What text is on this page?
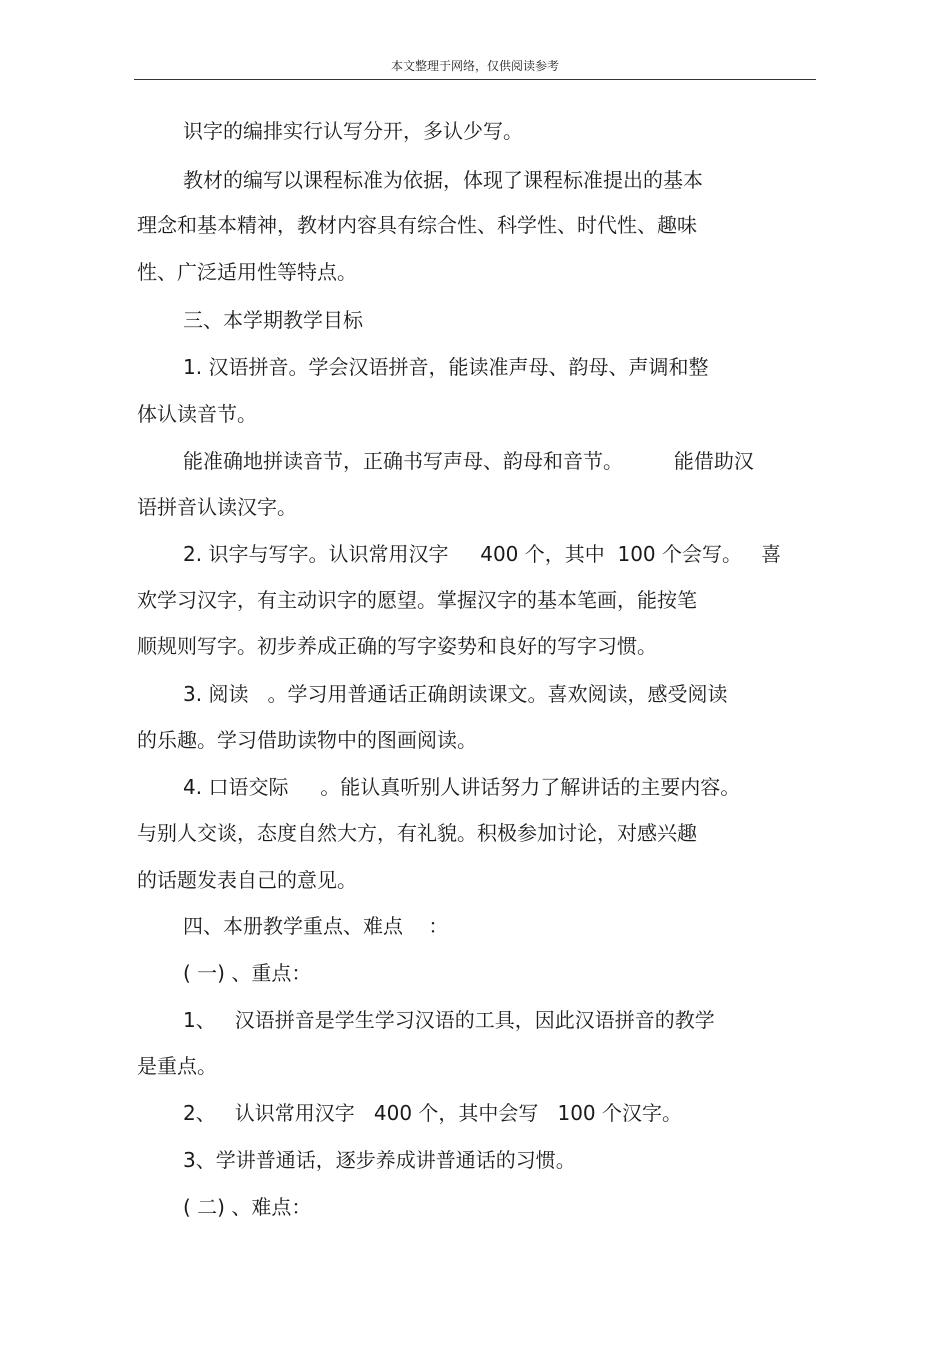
本文整理于网络，仅供阅读参考
识字的编排实行认写分开，多认少写。
教材的编写以课程标准为依据，体现了课程标准提出的基本
理念和基本精神，教材内容具有综合性、科学性、时代性、趣味
性、广泛适用性等特点。
三、本学期教学目标
1. 汉语拼音。学会汉语拼音，能读准声母、韵母、声调和整
体认读音节。
能准确地拼读音节，正确书写声母、韵母和音节。        能借助汉
语拼音认读汉字。
2. 识字与写字。认识常用汉字     400 个，其中  100 个会写。   喜
欢学习汉字，有主动识字的愿望。掌握汉字的基本笔画，能按笔
顺规则写字。初步养成正确的写字姿势和良好的写字习惯。
3. 阅读   。学习用普通话正确朗读课文。喜欢阅读，感受阅读
的乐趣。学习借助读物中的图画阅读。
4. 口语交际     。能认真听别人讲话努力了解讲话的主要内容。
与别人交谈，态度自然大方，有礼貌。积极参加讨论，对感兴趣
的话题发表自己的意见。
四、本册教学重点、难点    ：
( 一) 、重点：
1、   汉语拼音是学生学习汉语的工具，因此汉语拼音的教学
是重点。
2、   认识常用汉字   400 个，其中会写   100 个汉字。
3、学讲普通话，逐步养成讲普通话的习惯。
( 二) 、难点：
